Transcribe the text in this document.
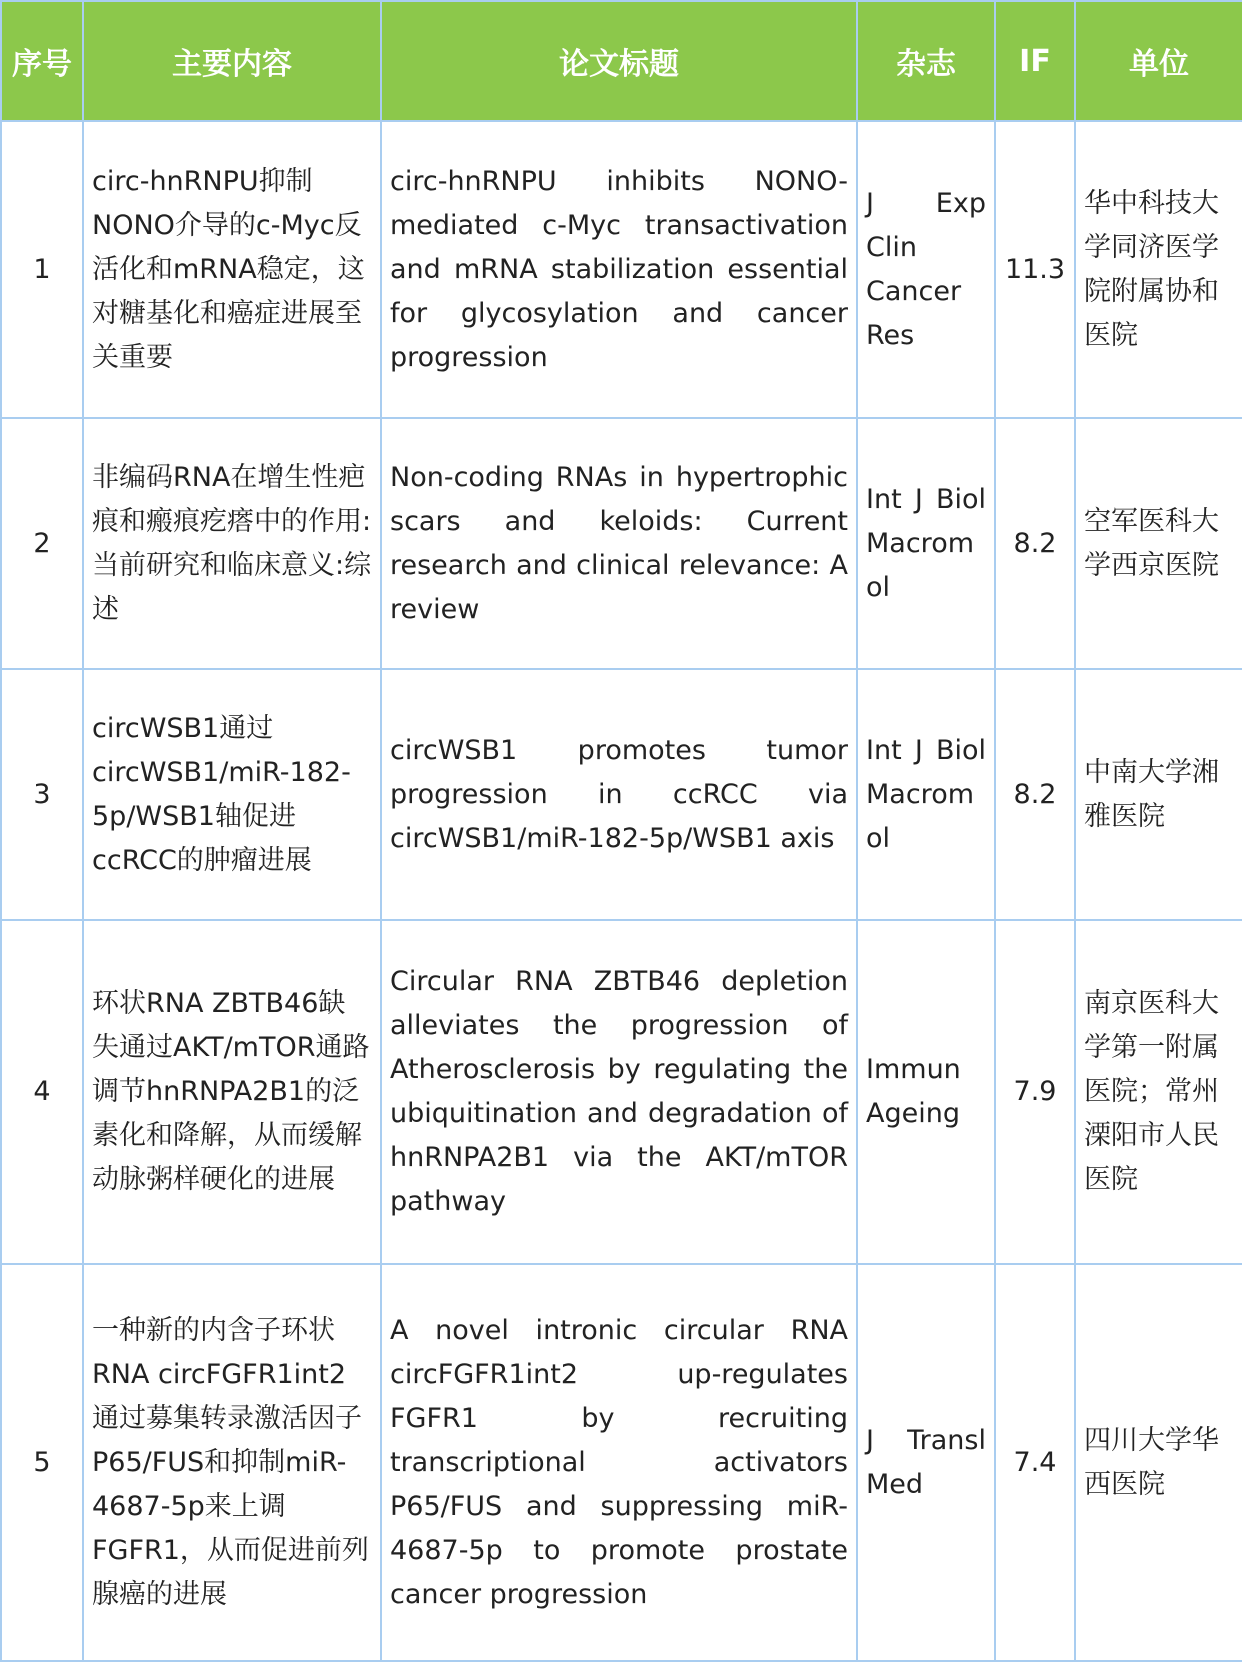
序号	主要内容	论文标题	杂志	IF	单位
1	circ-hnRNPU抑制NONO介导的c-Myc反活化和mRNA稳定，这对糖基化和癌症进展至关重要	circ-hnRNPU inhibits NONO-mediated c-Myc transactivation and mRNA stabilization essential for glycosylation and cancer progression	J Exp Clin Cancer Res	11.3	华中科技大学同济医学院附属协和医院
2	非编码RNA在增生性疤痕和瘢痕疙瘩中的作用:当前研究和临床意义:综述	Non-coding RNAs in hypertrophic scars and keloids: Current research and clinical relevance: A review	Int J Biol Macromol	8.2	空军医科大学西京医院
3	circWSB1通过circWSB1/miR-182-5p/WSB1轴促进ccRCC的肿瘤进展	circWSB1 promotes tumor progression in ccRCC via circWSB1/miR-182-5p/WSB1 axis	Int J Biol Macromol	8.2	中南大学湘雅医院
4	环状RNA ZBTB46缺失通过AKT/mTOR通路调节hnRNPA2B1的泛素化和降解，从而缓解动脉粥样硬化的进展	Circular RNA ZBTB46 depletion alleviates the progression of Atherosclerosis by regulating the ubiquitination and degradation of hnRNPA2B1 via the AKT/mTOR pathway	Immun Ageing	7.9	南京医科大学第一附属医院；常州溧阳市人民医院
5	一种新的内含子环状RNA circFGFR1int2通过募集转录激活因子P65/FUS和抑制miR-4687-5p来上调FGFR1，从而促进前列腺癌的进展	A novel intronic circular RNA circFGFR1int2 up-regulates FGFR1 by recruiting transcriptional activators P65/FUS and suppressing miR-4687-5p to promote prostate cancer progression	J Transl Med	7.4	四川大学华西医院
